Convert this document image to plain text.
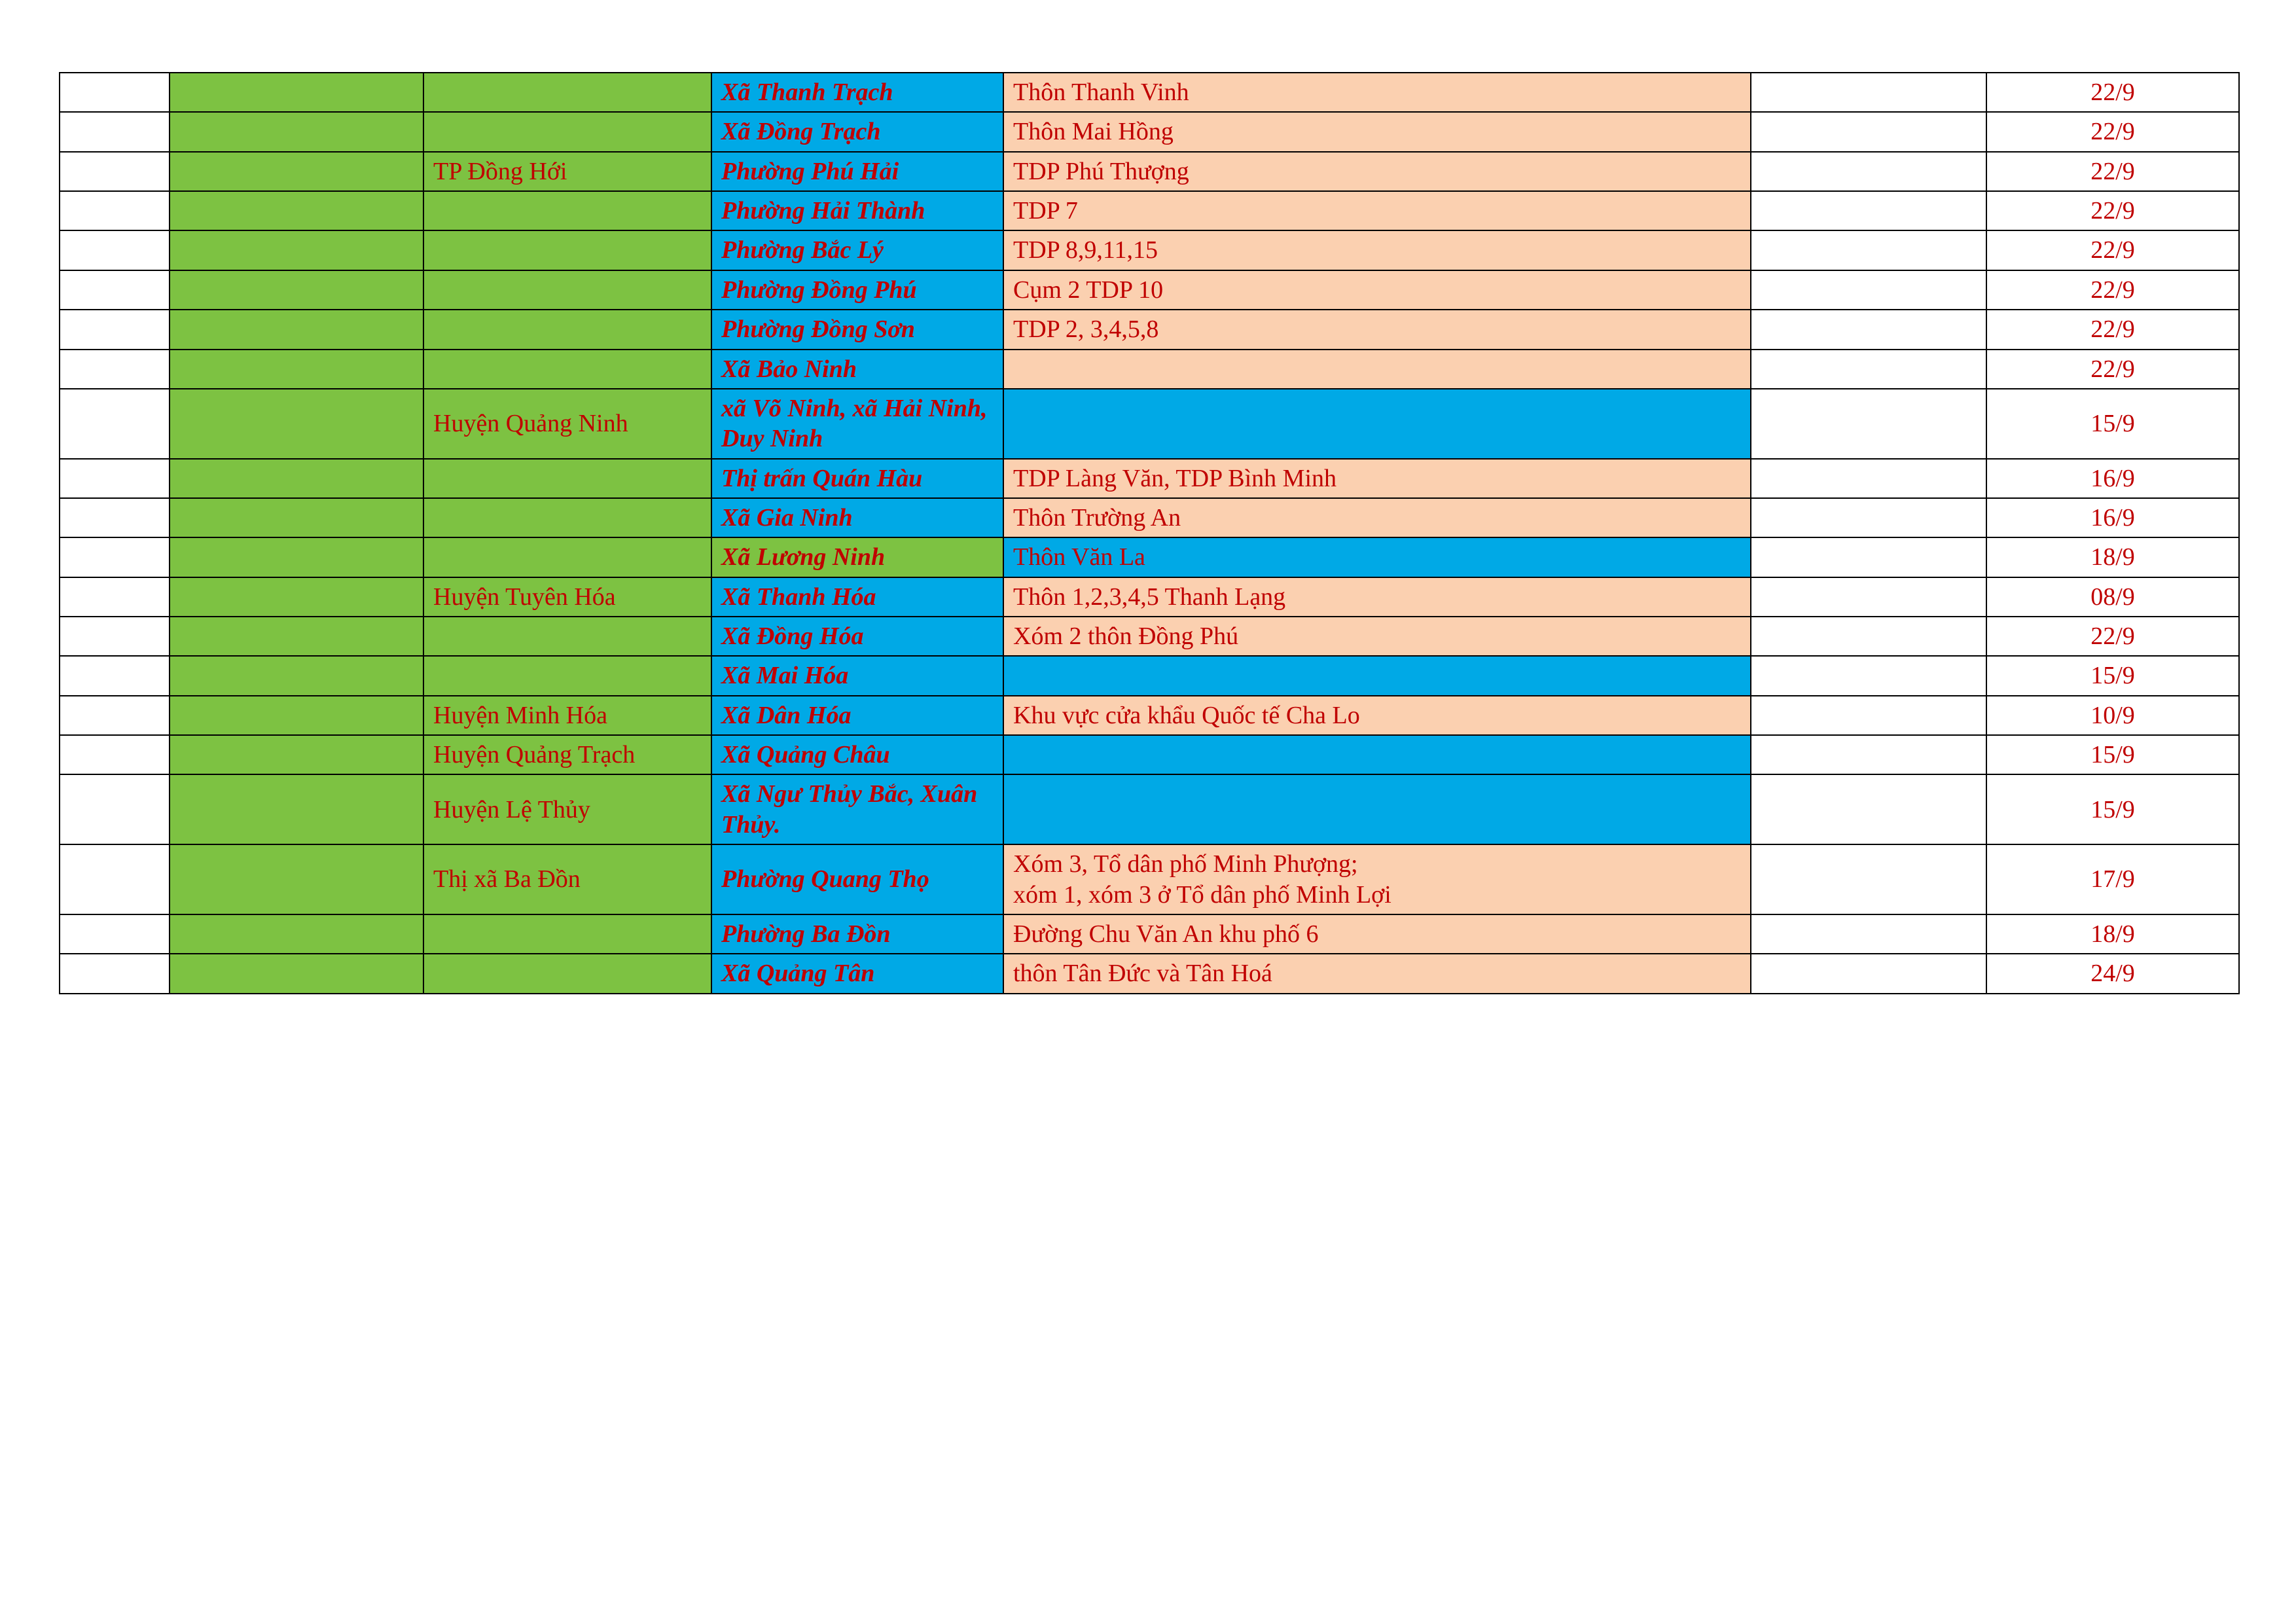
			Xã Thanh Trạch	Thôn Thanh Vinh		22/9
			Xã Đồng Trạch	Thôn Mai Hồng		22/9
		TP Đồng Hới	Phường Phú Hải	TDP Phú Thượng		22/9
			Phường Hải Thành	TDP 7		22/9
			Phường Bắc Lý	TDP 8,9,11,15		22/9
			Phường Đồng Phú	Cụm 2 TDP 10		22/9
			Phường Đồng Sơn	TDP 2, 3,4,5,8		22/9
			Xã Bảo Ninh			22/9
		Huyện Quảng Ninh	xã Võ Ninh, xã Hải Ninh, Duy Ninh			15/9
			Thị trấn Quán Hàu	TDP Làng Văn, TDP Bình Minh		16/9
			Xã Gia Ninh	Thôn Trường An		16/9
			Xã Lương Ninh	Thôn Văn La		18/9
		Huyện Tuyên Hóa	Xã Thanh Hóa	Thôn 1,2,3,4,5 Thanh Lạng		08/9
			Xã Đồng Hóa	Xóm 2 thôn Đồng Phú		22/9
			Xã Mai Hóa			15/9
		Huyện Minh Hóa	Xã Dân Hóa	Khu vực cửa khẩu Quốc tế Cha Lo		10/9
		Huyện Quảng Trạch	Xã Quảng Châu			15/9
		Huyện Lệ Thủy	Xã Ngư Thủy Bắc, Xuân Thủy.			15/9
		Thị xã Ba Đồn	Phường Quang Thọ	Xóm 3, Tổ dân phố Minh Phượng;
xóm 1, xóm 3 ở Tổ dân phố Minh Lợi		17/9
			Phường Ba Đồn	Đường Chu Văn An khu phố 6		18/9
			Xã Quảng Tân	thôn Tân Đức và Tân Hoá		24/9
